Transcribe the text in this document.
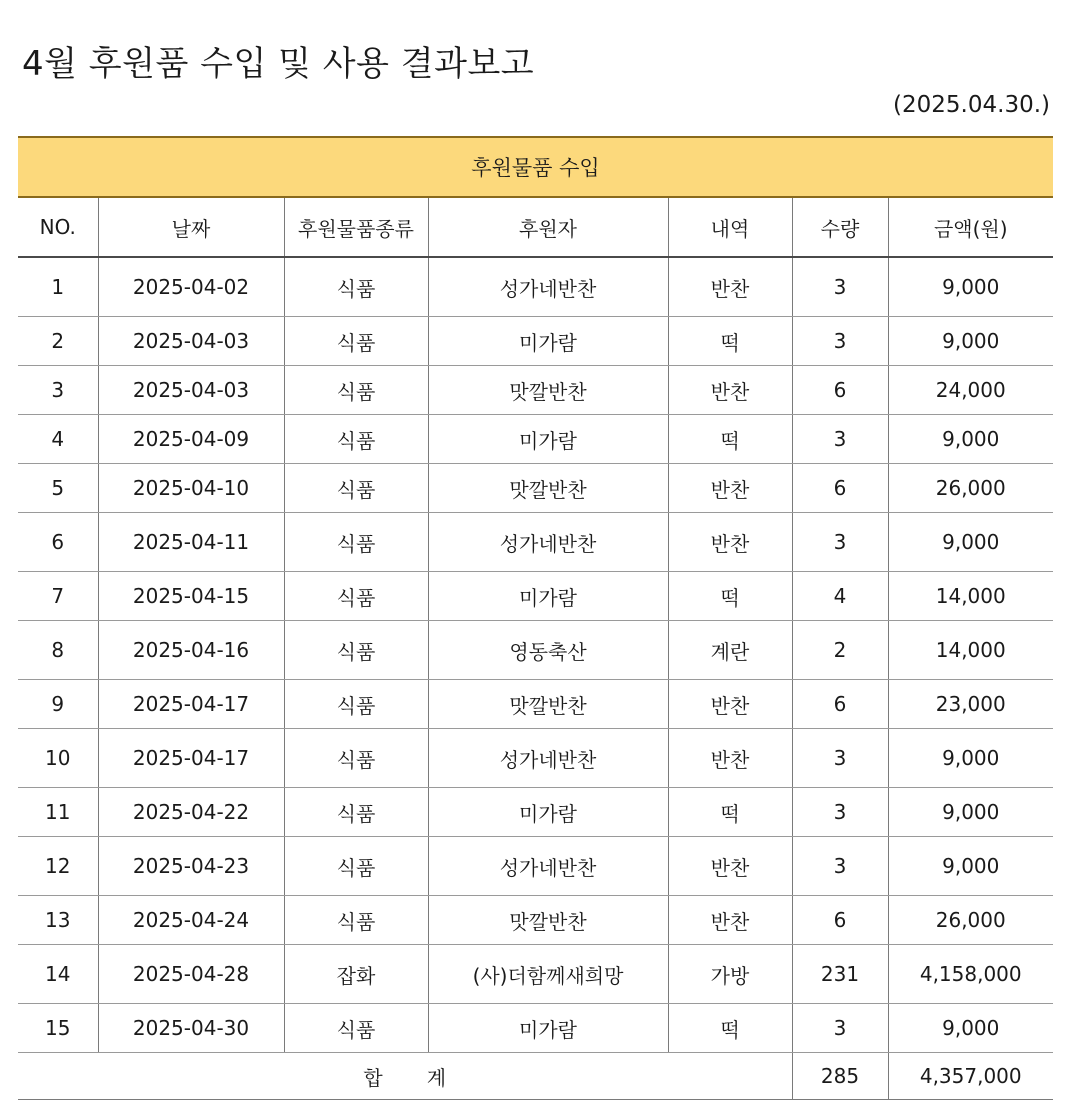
4월 후원품 수입 및 사용 결과보고
(2025.04.30.)
후원물품 수입						
NO.	날짜	후원물품종류	후원자	내역	수량	금액(원)
1	2025-04-02	식품	성가네반찬	반찬	3	9,000
2	2025-04-03	식품	미가람	떡	3	9,000
3	2025-04-03	식품	맛깔반찬	반찬	6	24,000
4	2025-04-09	식품	미가람	떡	3	9,000
5	2025-04-10	식품	맛깔반찬	반찬	6	26,000
6	2025-04-11	식품	성가네반찬	반찬	3	9,000
7	2025-04-15	식품	미가람	떡	4	14,000
8	2025-04-16	식품	영동축산	계란	2	14,000
9	2025-04-17	식품	맛깔반찬	반찬	6	23,000
10	2025-04-17	식품	성가네반찬	반찬	3	9,000
11	2025-04-22	식품	미가람	떡	3	9,000
12	2025-04-23	식품	성가네반찬	반찬	3	9,000
13	2025-04-24	식품	맛깔반찬	반찬	6	26,000
14	2025-04-28	잡화	(사)더함께새희망	가방	231	4,158,000
15	2025-04-30	식품	미가람	떡	3	9,000
합 계					285	4,357,000
